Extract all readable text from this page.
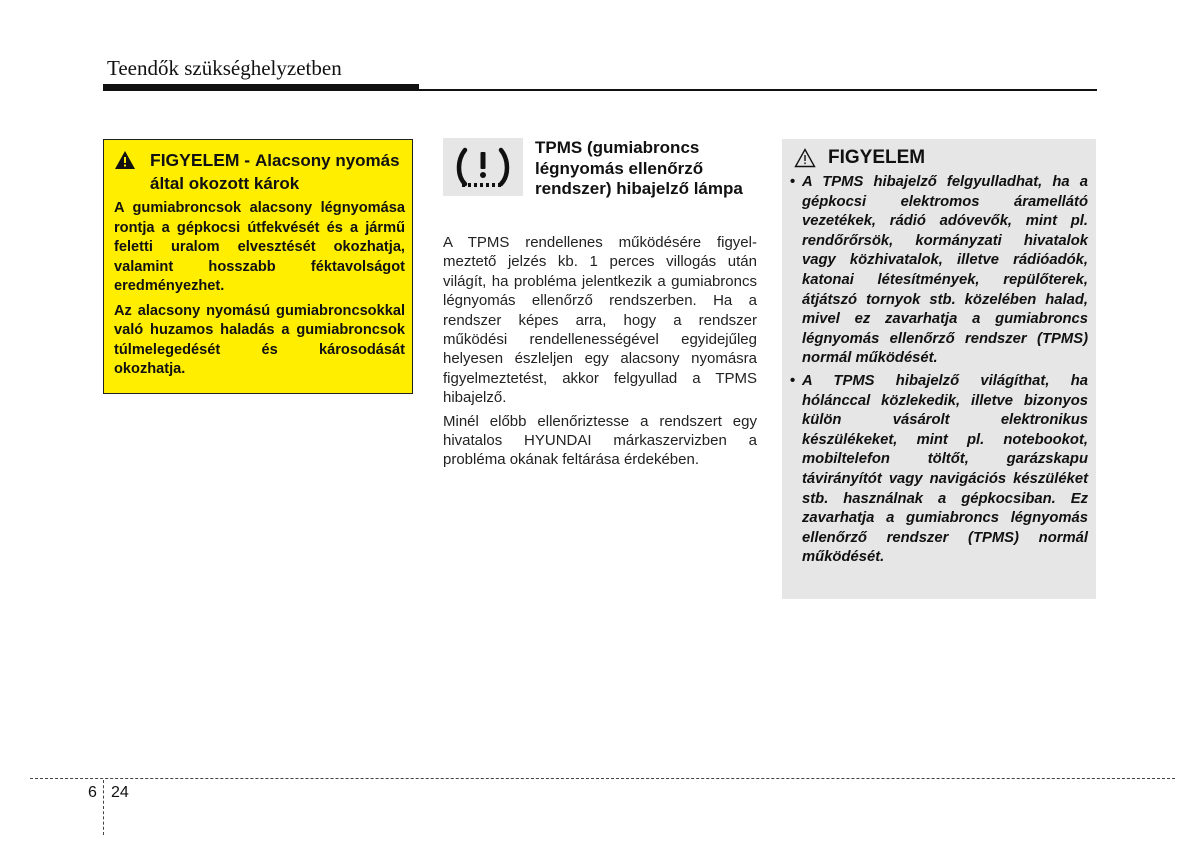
Teendők szükséghelyzetben
FIGYELEM - Alacsony nyomás által okozott károk

A gumiabroncsok alacsony légnyomása rontja a gépkocsi útfekvését és a jármű feletti uralom elvesztését okozhatja, valamint hosszabb féktavolságot eredményezhet.

Az alacsony nyomású gumiabroncsokkal való huzamos haladás a gumiabroncsok túlmelegedését és károsodását okozhatja.

TPMS (gumiabroncs légnyomás ellenőrző rendszer) hibajelző lámpa

A TPMS rendellenes működésére figyelmeztető jelzés kb. 1 perces villogás után világít, ha probléma jelentkezik a gumiabroncs légnyomás ellenőrző rendszerben. Ha a rendszer képes arra, hogy a rendszer működési rendellenességével egyidejűleg helyesen észleljen egy alacsony nyomásra figyelmeztetést, akkor felgyullad a TPMS hibajelző.

Minél előbb ellenőriztesse a rendszert egy hivatalos HYUNDAI márkaszervizben a probléma okának feltárása érdekében.

FIGYELEM
• A TPMS hibajelző felgyulladhat, ha a gépkocsi elektromos áramellátó vezetékek, rádió adóvevők, mint pl. rendőrőrsök, kormányzati hivatalok vagy közhivatalok, illetve rádióadók, katonai létesítmények, repülőterek, átjátszó tornyok stb. közelében halad, mivel ez zavarhatja a gumiabroncs légnyomás ellenőrző rendszer (TPMS) normál működését.
• A TPMS hibajelző világíthat, ha hólánccal közlekedik, illetve bizonyos külön vásárolt elektronikus készülékeket, mint pl. notebookot, mobiltelefon töltőt, garázskapu távirányítót vagy navigációs készüléket stb. használnak a gépkocsiban. Ez zavarhatja a gumiabroncs légnyomás ellenőrző rendszer (TPMS) normál működését.
6 24
